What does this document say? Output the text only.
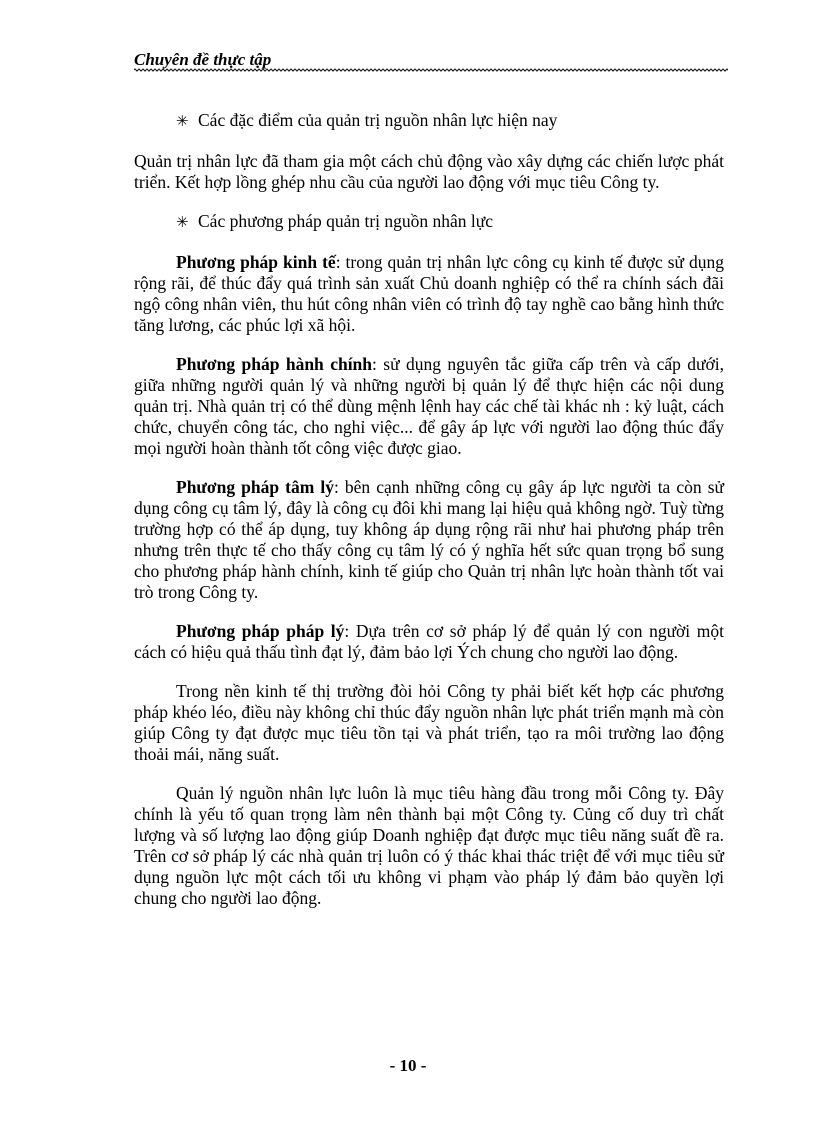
Chuyên đề thực tập

✳ Các đặc điểm của quản trị nguồn nhân lực hiện nay

Quản trị nhân lực đã tham gia một cách chủ động vào xây dựng các chiến lược phát triển. Kết hợp lồng ghép nhu cầu của người lao động với mục tiêu Công ty.

✳ Các phương pháp quản trị nguồn nhân lực

Phương pháp kinh tế: trong quản trị nhân lực công cụ kinh tế được sử dụng rộng rãi, để thúc đẩy quá trình sản xuất Chủ doanh nghiệp có thể ra chính sách đãi ngộ công nhân viên, thu hút công nhân viên có trình độ tay nghề cao bằng hình thức tăng lương, các phúc lợi xã hội.

Phương pháp hành chính: sử dụng nguyên tắc giữa cấp trên và cấp dưới, giữa những người quản lý và những người bị quản lý để thực hiện các nội dung quản trị. Nhà quản trị có thể dùng mệnh lệnh hay các chế tài khác nh : kỷ luật, cách chức, chuyển công tác, cho nghỉ việc... để gây áp lực với người lao động thúc đẩy mọi người hoàn thành tốt công việc được giao.

Phương pháp tâm lý: bên cạnh những công cụ gây áp lực người ta còn sử dụng công cụ tâm lý, đây là công cụ đôi khi mang lại hiệu quả không ngờ. Tuỳ từng trường hợp có thể áp dụng, tuy không áp dụng rộng rãi như hai phương pháp trên nhưng trên thực tế cho thấy công cụ tâm lý có ý nghĩa hết sức quan trọng bổ sung cho phương pháp hành chính, kinh tế giúp cho Quản trị nhân lực hoàn thành tốt vai trò trong Công ty.

Phương pháp pháp lý: Dựa trên cơ sở pháp lý để quản lý con người một cách có hiệu quả thấu tình đạt lý, đảm bảo lợi Ých chung cho người lao động.

Trong nền kinh tế thị trường đòi hỏi Công ty phải biết kết hợp các phương pháp khéo léo, điều này không chỉ thúc đẩy nguồn nhân lực phát triển mạnh mà còn giúp Công ty đạt được mục tiêu tồn tại và phát triển, tạo ra môi trường lao động thoải mái, năng suất.

Quản lý nguồn nhân lực luôn là mục tiêu hàng đầu trong mỗi Công ty. Đây chính là yếu tố quan trọng làm nên thành bại một Công ty. Củng cố duy trì chất lượng và số lượng lao động giúp Doanh nghiệp đạt được mục tiêu năng suất đề ra. Trên cơ sở pháp lý các nhà quản trị luôn có ý thác khai thác triệt để với mục tiêu sử dụng nguồn lực một cách tối ưu không vi phạm vào pháp lý đảm bảo quyền lợi chung cho người lao động.

- 10 -
